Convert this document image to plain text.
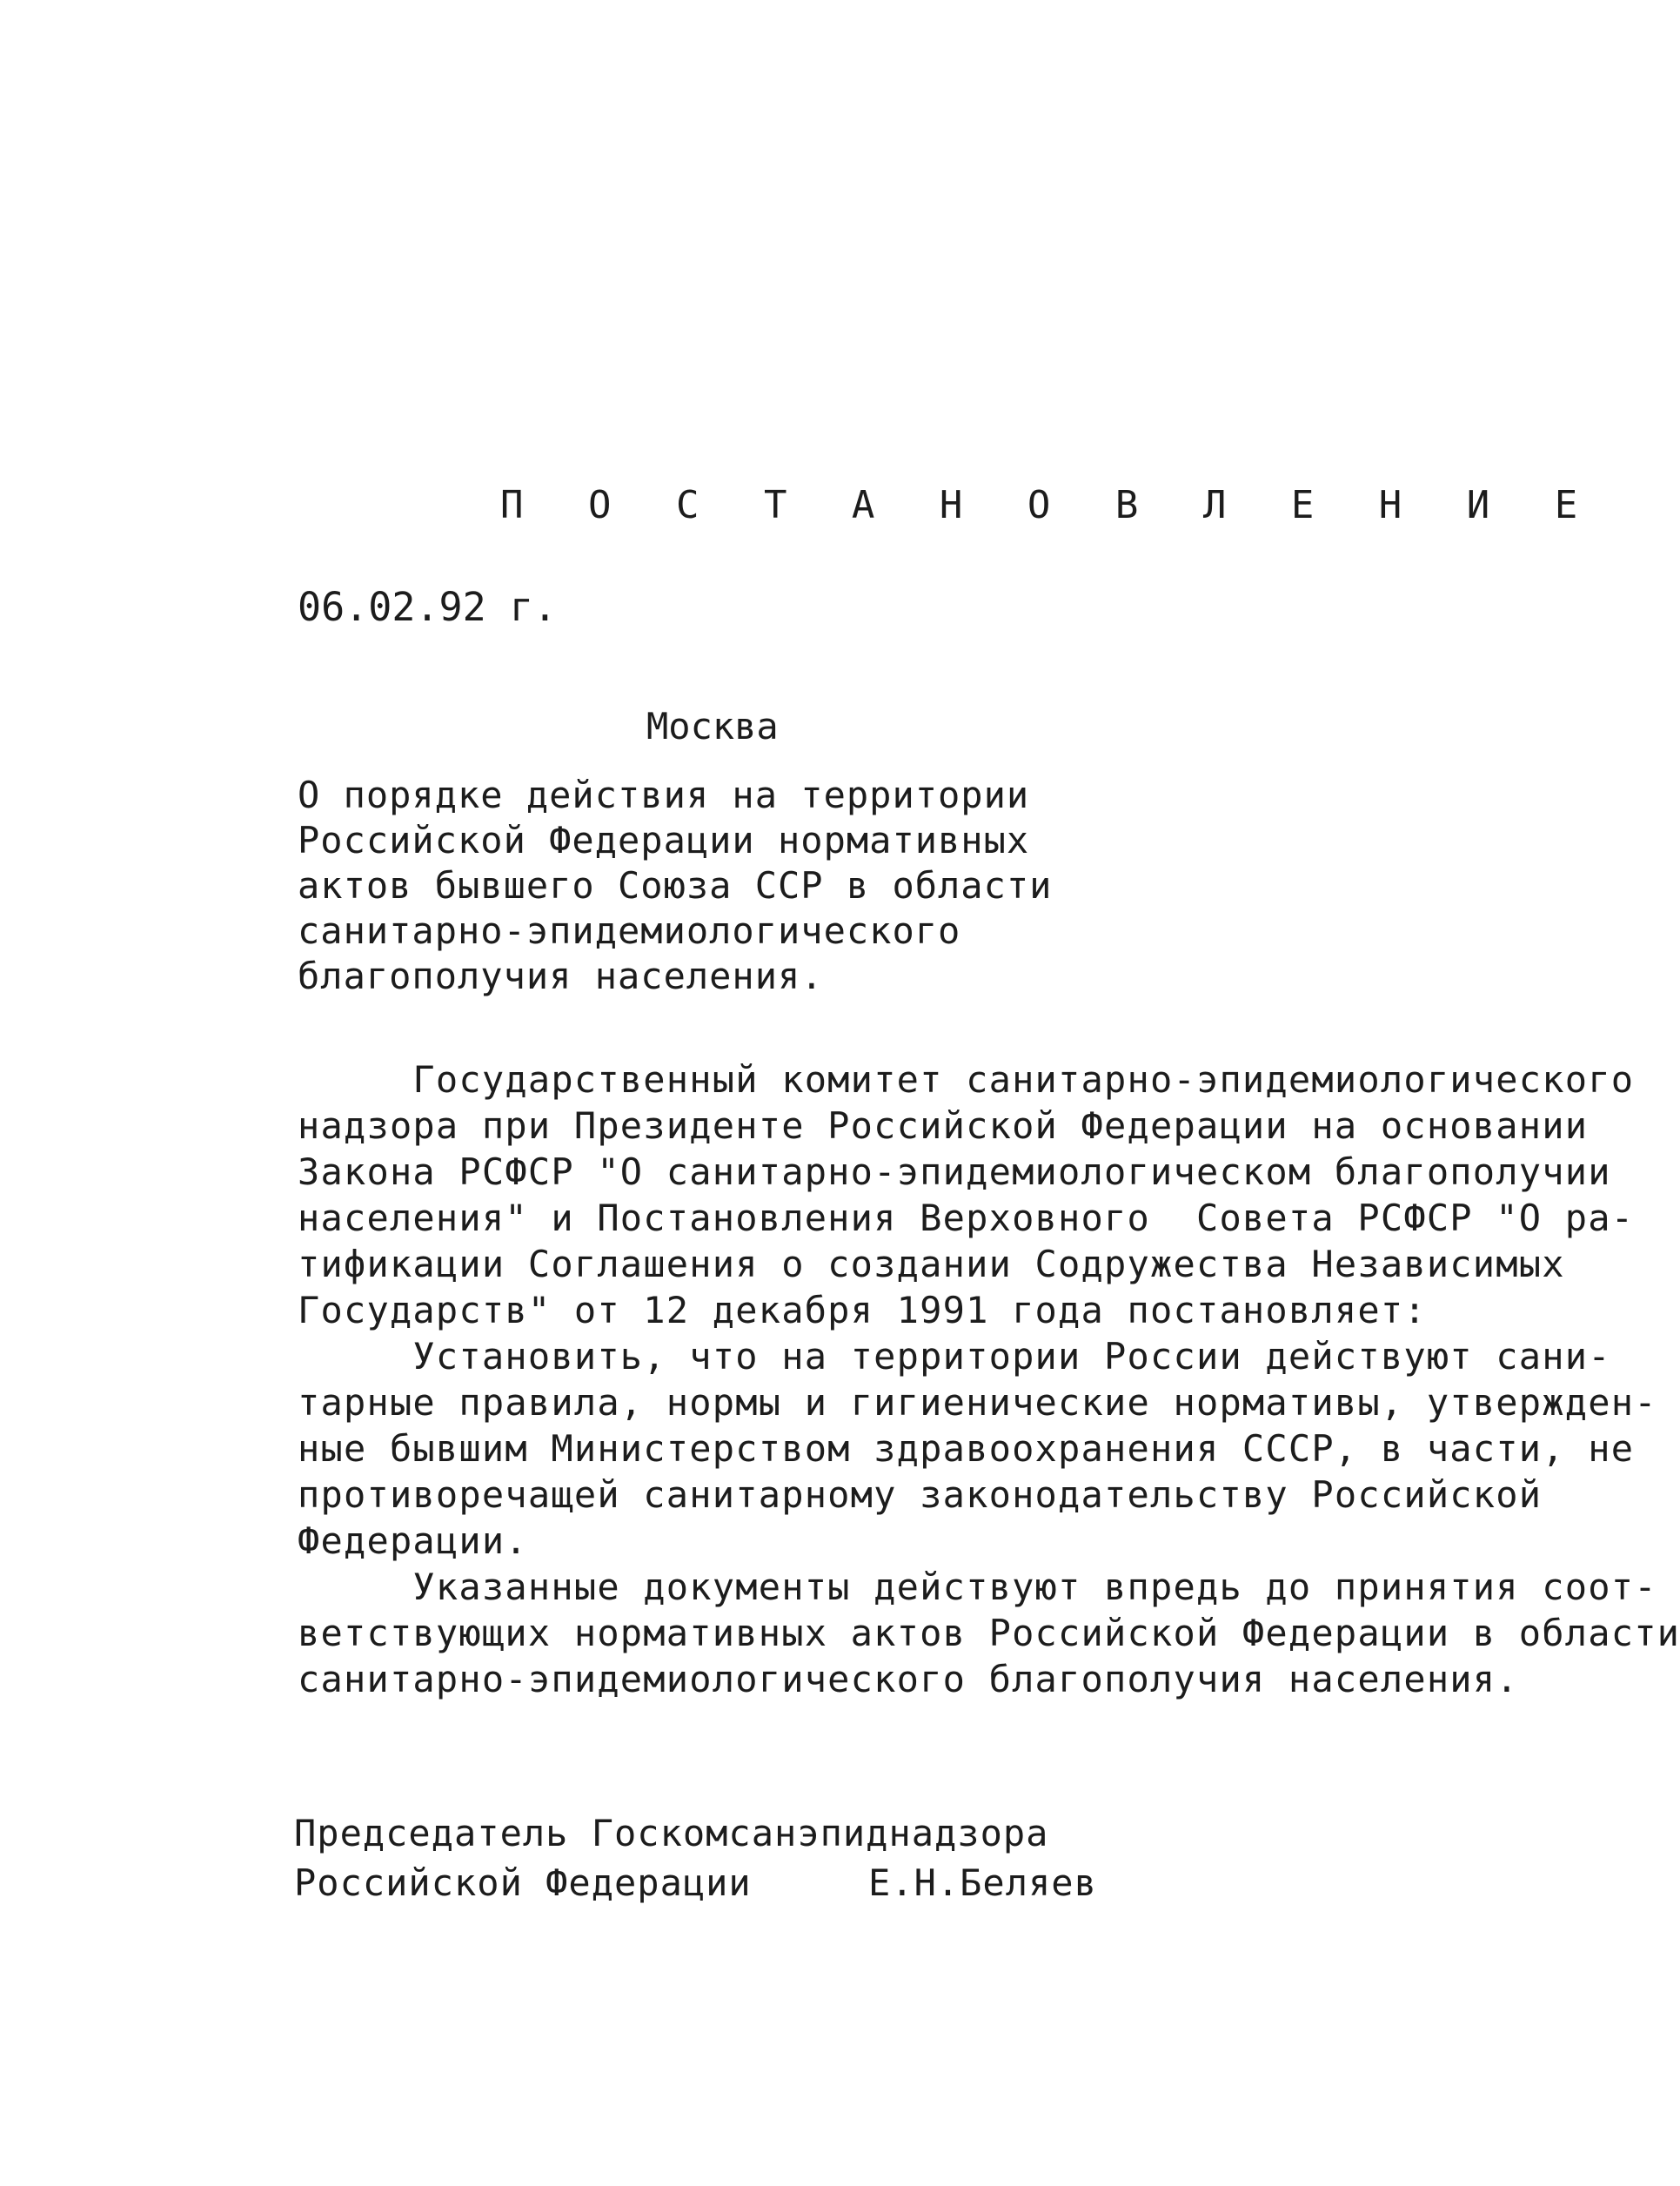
П О С Т А Н О В Л Е Н И Е
06.02.92 г.
Москва
О порядке действия на территории
Российской Федерации нормативных
актов бывшего Союза ССР в области
санитарно-эпидемиологического
благополучия населения.
Государственный комитет санитарно-эпидемиологического
надзора при Президенте Российской Федерации на основании
Закона РСФСР "О санитарно-эпидемиологическом благополучии
населения" и Постановления Верховного  Совета РСФСР "О ра-
тификации Соглашения о создании Содружества Независимых
Государств" от 12 декабря 1991 года постановляет:
Установить, что на территории России действуют сани-
тарные правила, нормы и гигиенические нормативы, утвержден-
ные бывшим Министерством здравоохранения СССР, в части, не
противоречащей санитарному законодательству Российской
Федерации.
Указанные документы действуют впредь до принятия соот-
ветствующих нормативных актов Российской Федерации в области
санитарно-эпидемиологического благополучия населения.
Председатель Госкомсанэпиднадзора
Российской Федерации	Е.Н.Беляев
